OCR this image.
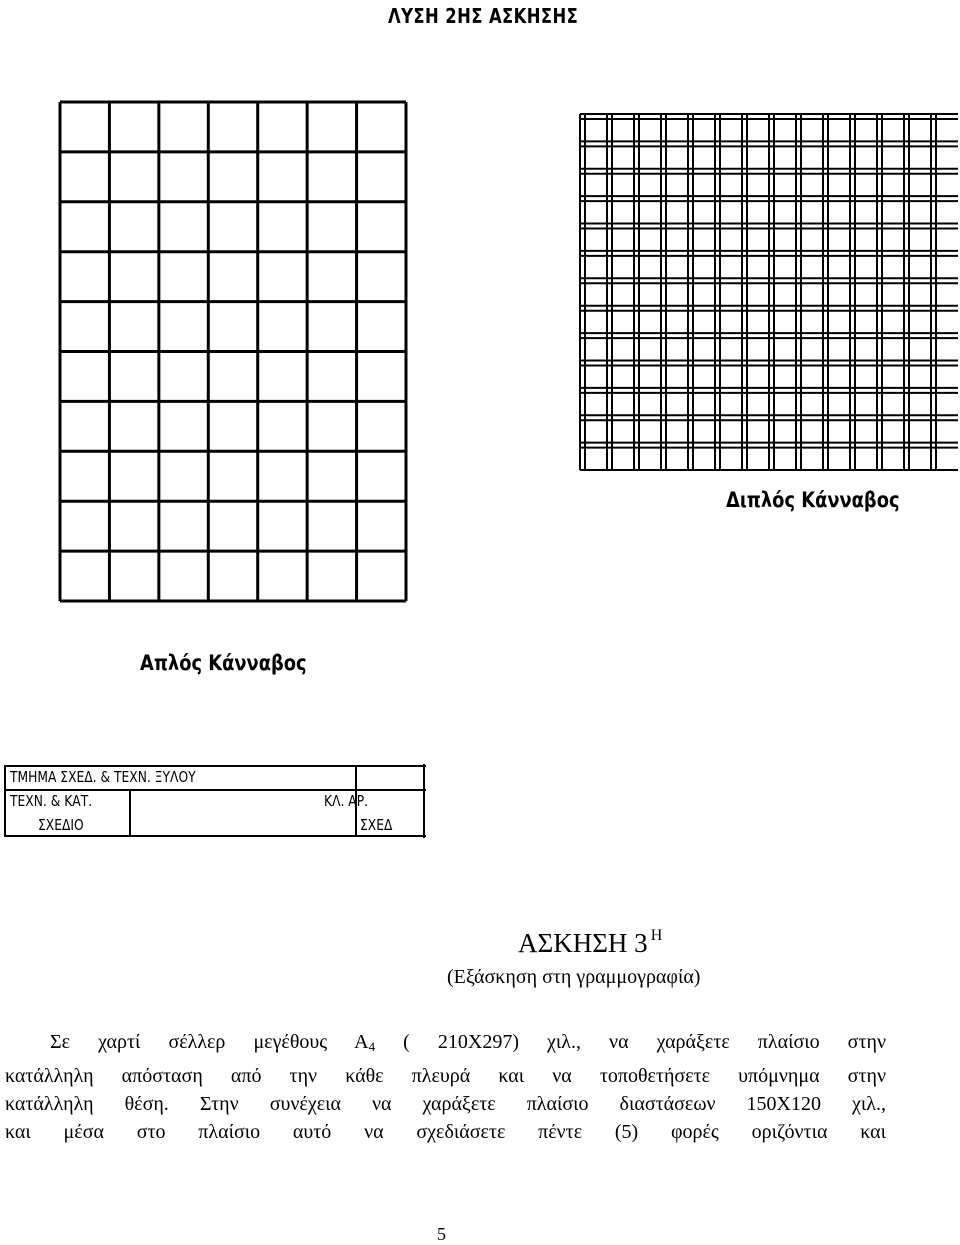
ΛΥΣΗ 2ΗΣ ΑΣΚΗΣΗΣ
Διπλός Κάνναβος
Απλός Κάνναβος
ΤΜΗΜΑ ΣΧΕΔ. & ΤΕΧΝ. ΞΥΛΟΥ
ΤΕΧΝ. & ΚΑΤ.	ΚΛ. ΑΡ.
ΣΧΕΔΙΟ	ΣΧΕΔ
ΑΣΚΗΣΗ 3 $^H$
(Εξάσκηση στη γραμμογραφία)
Σε χαρτί σέλλερ μεγέθους $A_4$ ( 210Χ297) χιλ., να χαράξετε πλαίσιο στην
κατάλληλη απόσταση από την κάθε πλευρά και να τοποθετήσετε υπόμνημα στην
κατάλληλη θέση. Στην συνέχεια να χαράξετε πλαίσιο διαστάσεων 150Χ120 χιλ.,
και μέσα στο πλαίσιο αυτό να σχεδιάσετε πέντε (5) φορές οριζόντια και
5
